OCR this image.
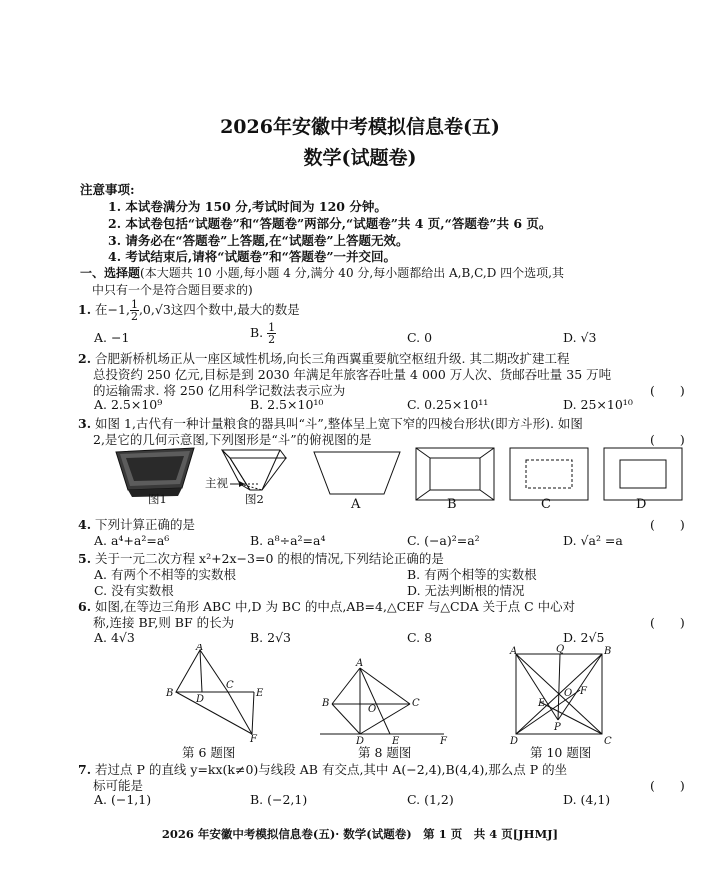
2026年安徽中考模拟信息卷(五)
数学(试题卷)
注意事项:
1. 本试卷满分为 150 分,考试时间为 120 分钟。
2. 本试卷包括“试题卷”和“答题卷”两部分,“试题卷”共 4 页,“答题卷”共 6 页。
3. 请务必在“答题卷”上答题,在“试题卷”上答题无效。
4. 考试结束后,请将“试题卷”和“答题卷”一并交回。
一、选择题(本大题共 10 小题,每小题 4 分,满分 40 分,每小题都给出 A,B,C,D 四个选项,其
中只有一个是符合题目要求的)
1. 在−1, $\frac{1}{2} ,0,√3$这四个数中,最大的数是
A. −1	B. $\frac{1}{2}$	C. 0	D. √3
2. 合肥新桥机场正从一座区域性机场,向长三角西翼重要航空枢纽升级. 其二期改扩建工程
总投资约 250 亿元,目标是到 2030 年满足年旅客吞吐量 4 000 万人次、货邮吞吐量 35 万吨
的运输需求. 将 250 亿用科学记数法表示应为	(　　)
A. 2.5×10⁹	B. 2.5×10¹⁰	C. 0.25×10¹¹	D. 25×10¹⁰
3. 如图 1,古代有一种计量粮食的器具叫“斗”,整体呈上宽下窄的四棱台形状(即方斗形). 如图
2,是它的几何示意图,下列图形是“斗”的俯视图的是	(　　)
图1
主视
图2	A	B	C	D
4. 下列计算正确的是	(　　)
A. a⁴+a²=a⁶	B. a⁸÷a²=a⁴	C. (−a)²=a²	D. √a² =a
5. 关于一元二次方程 x²+2x−3=0 的根的情况,下列结论正确的是
A. 有两个不相等的实数根	B. 有两个相等的实数根
C. 没有实数根	D. 无法判断根的情况
6. 如图,在等边三角形 ABC 中,D 为 BC 的中点,AB=4,△CEF 与△CDA 关于点 C 中心对
称,连接 BF,则 BF 的长为	(　　)
A. 4√3	B. 2√3	C. 8	D. 2√5
A
B
D
C
E
F
A
B	C
O
D	E	F
A	Q	B
E
O F
P
D	C
第 6 题图	第 8 题图	第 10 题图
7. 若过点 P 的直线 y=kx(k≠0)与线段 AB 有交点,其中 A(−2,4),B(4,4),那么点 P 的坐
标可能是	(　　)
A. (−1,1)	B. (−2,1)	C. (1,2)	D. (4,1)
2026 年安徽中考模拟信息卷(五)· 数学(试题卷)　第 1 页　共 4 页[JHMJ]
